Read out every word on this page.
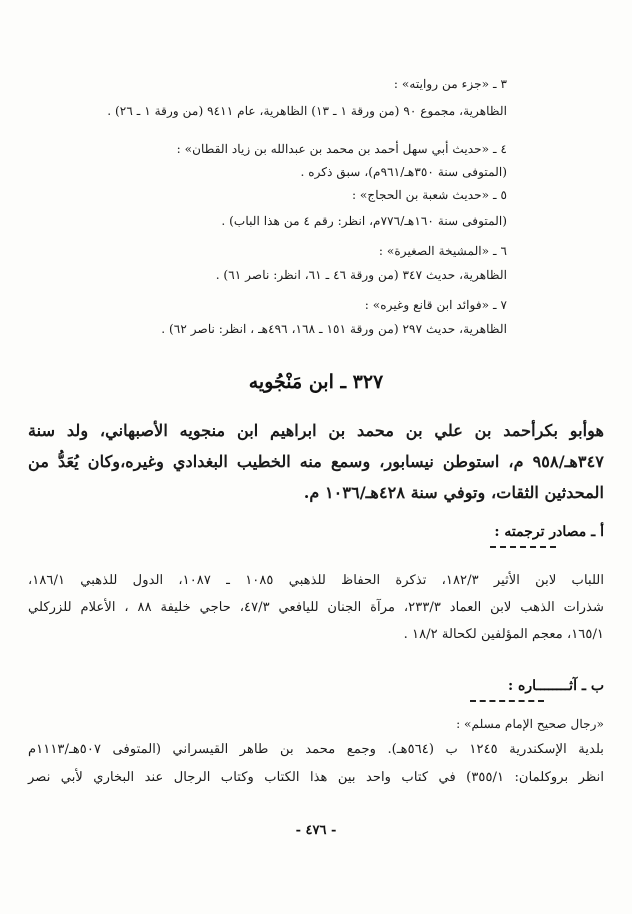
٣ ـ «جزء من روايته» :

الظاهرية، مجموع ٩٠ (من ورقة ١ ـ ١٣) الظاهرية، عام ٩٤١١ (من ورقة ١ ـ ٢٦) .

٤ ـ «حديث أبي سهل أحمد بن محمد بن عبدالله بن زياد القطان» :

(المتوفى سنة ٣٥٠هـ/٩٦١م)، سبق ذكره .

٥ ـ «حديث شعبة بن الحجاج» :

(المتوفى سنة ١٦٠هـ/٧٧٦م، انظر: رقم ٤ من هذا الباب) .

٦ ـ «المشيخة الصغيرة» :

الظاهرية، حديث ٣٤٧ (من ورقة ٤٦ ـ ٦١، انظر: ناصر ٦١) .

٧ ـ «فوائد ابن قانع وغيره» :

الظاهرية، حديث ٢٩٧ (من ورقة ١٥١ ـ ١٦٨، ٤٩٦هـ ، انظر: ناصر ٦٢) .

٣٢٧ ـ ابن مَنْجُويه

هوأبو بكرأحمد بن علي بن محمد بن ابراهيم ابن منجويه الأصبهاني، ولد سنة

٣٤٧هـ/٩٥٨ م، استوطن نيسابور، وسمع منه الخطيب البغدادي وغيره،وكان يُعَدُّ من

المحدثين الثقات، وتوفي سنة ٤٢٨هـ/١٠٣٦ م.

أ ـ مصادر ترجمته :

اللباب لابن الأثير ١٨٢/٣، تذكرة الحفاظ للذهبي ١٠٨٥ ـ ١٠٨٧، الدول للذهبي ١٨٦/١،

شذرات الذهب لابن العماد ٢٣٣/٣، مرآة الجنان لليافعي ٤٧/٣، حاجي خليفة ٨٨ ، الأعلام للزركلي

١٦٥/١، معجم المؤلفين لكحالة ١٨/٢ .

ب ـ آثــــــــاره :

«رجال صحيح الإمام مسلم» :

بلدية الإسكندرية ١٢٤٥ ب (٥٦٤هـ). وجمع محمد بن طاهر القيسراني (المتوفى ٥٠٧هـ/١١١٣م

انظر بروكلمان: ٣٥٥/١) في كتاب واحد بين هذا الكتاب وكتاب الرجال عند البخاري لأبي نصر

- ٤٧٦ -
